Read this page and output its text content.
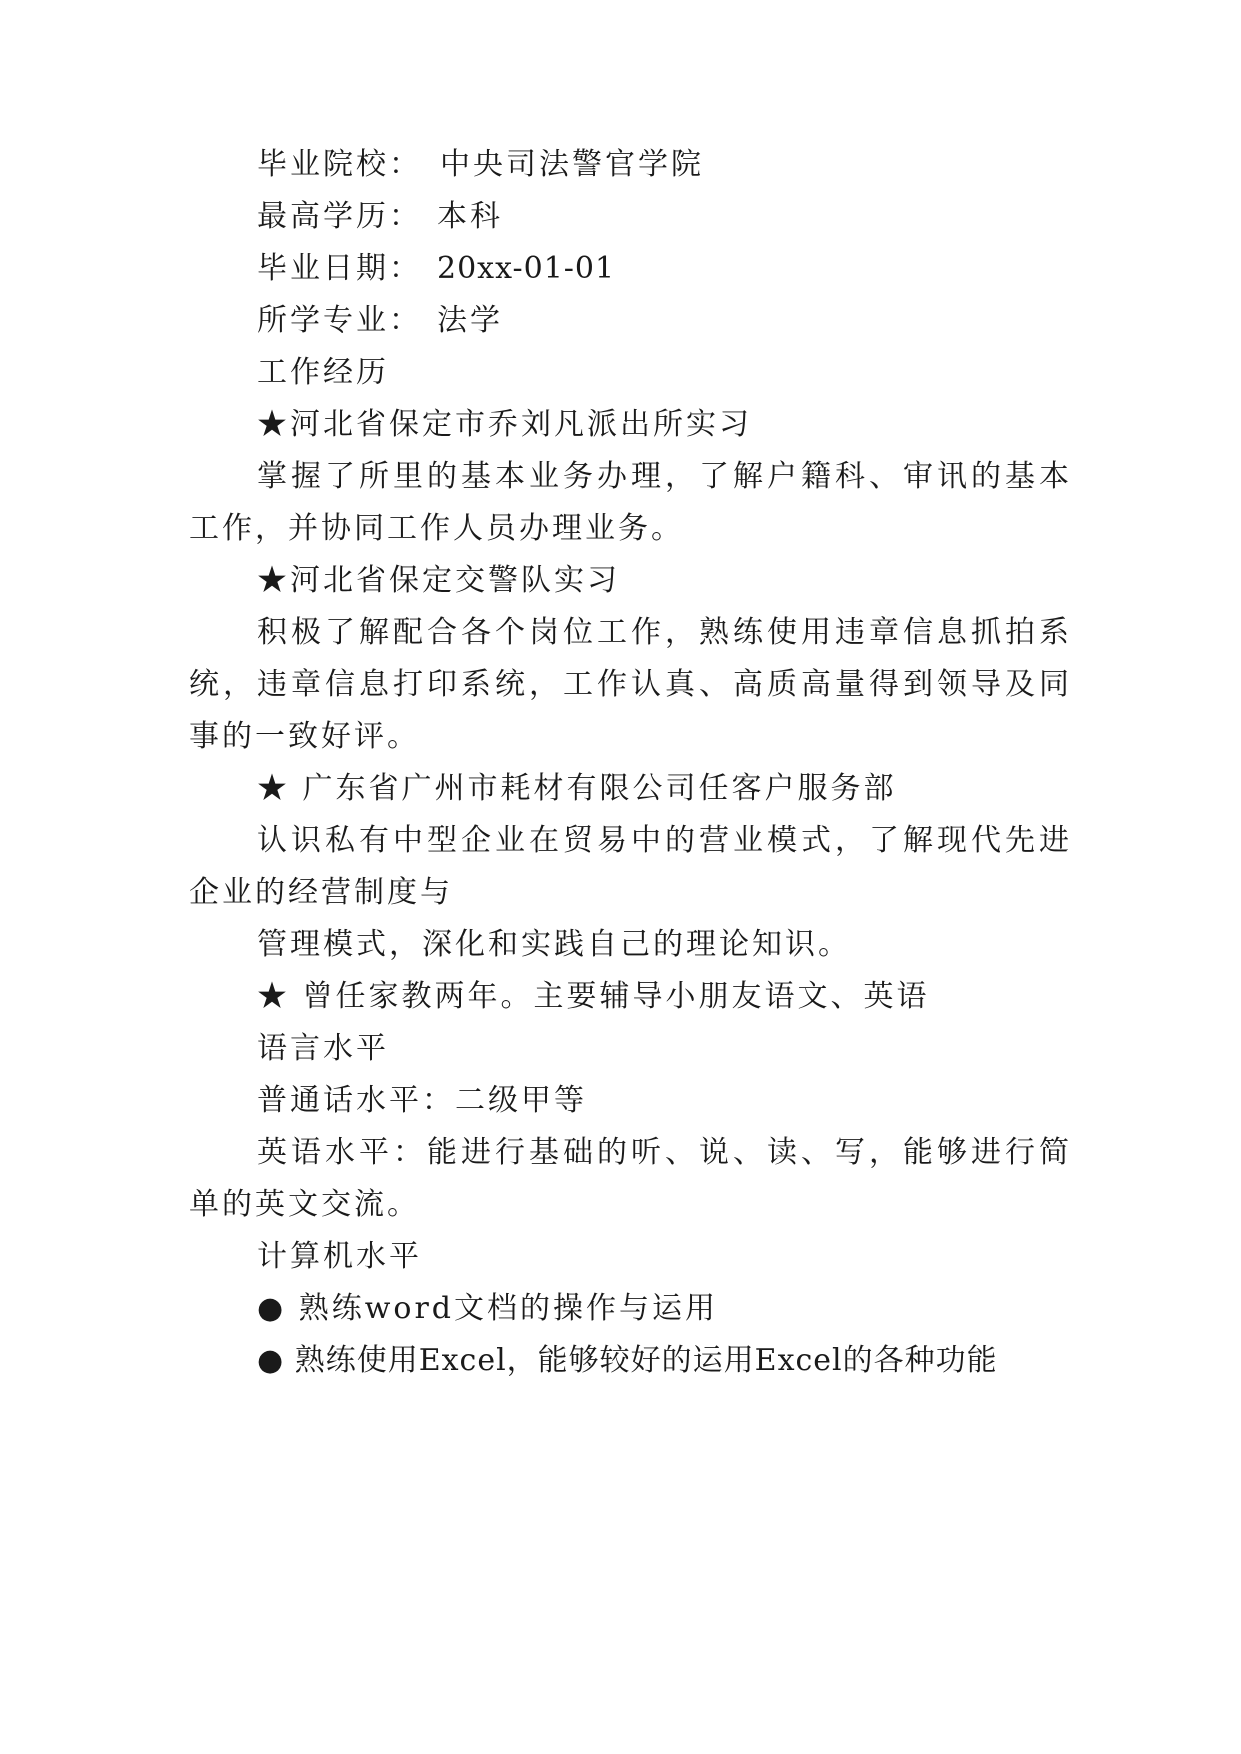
毕业院校： 中央司法警官学院
最高学历： 本科
毕业日期： 20xx-01-01
所学专业： 法学
工作经历
★河北省保定市乔刘凡派出所实习
掌握了所里的基本业务办理，了解户籍科、审讯的基本
工作，并协同工作人员办理业务。
★河北省保定交警队实习
积极了解配合各个岗位工作，熟练使用违章信息抓拍系
统，违章信息打印系统，工作认真、高质高量得到领导及同
事的一致好评。
★ 广东省广州市耗材有限公司任客户服务部
认识私有中型企业在贸易中的营业模式，了解现代先进
企业的经营制度与
管理模式，深化和实践自己的理论知识。
★ 曾任家教两年。主要辅导小朋友语文、英语
语言水平
普通话水平：二级甲等
英语水平：能进行基础的听、说、读、写，能够进行简
单的英文交流。
计算机水平
● 熟练word文档的操作与运用
● 熟练使用Excel，能够较好的运用Excel的各种功能
